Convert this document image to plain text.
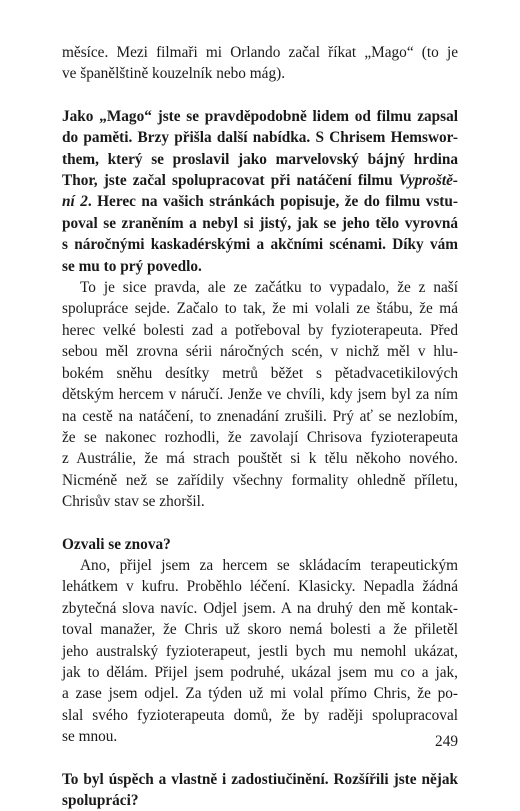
měsíce. Mezi filmaři mi Orlando začal říkat „Mago“ (to je
ve španělštině kouzelník nebo mág).

Jako „Mago“ jste se pravděpodobně lidem od filmu zapsal
do paměti. Brzy přišla další nabídka. S Chrisem Hemswor-
them, který se proslavil jako marvelovský bájný hrdina
Thor, jste začal spolupracovat při natáčení filmu Vyproště-
ní 2. Herec na vašich stránkách popisuje, že do filmu vstu-
poval se zraněním a nebyl si jistý, jak se jeho tělo vyrovná
s náročnými kaskadérskými a akčními scénami. Díky vám
se mu to prý povedlo.

To je sice pravda, ale ze začátku to vypadalo, že z naší
spolupráce sejde. Začalo to tak, že mi volali ze štábu, že má
herec velké bolesti zad a potřeboval by fyzioterapeuta. Před
sebou měl zrovna sérii náročných scén, v nichž měl v hlu-
bokém sněhu desítky metrů běžet s pětadvacetikilových
dětským hercem v náručí. Jenže ve chvíli, kdy jsem byl za ním
na cestě na natáčení, to znenadání zrušili. Prý ať se nezlobím,
že se nakonec rozhodli, že zavolají Chrisova fyzioterapeuta
z Austrálie, že má strach pouštět si k tělu někoho nového.
Nicméně než se zařídily všechny formality ohledně příletu,
Chrisův stav se zhoršil.

Ozvali se znova?

Ano, přijel jsem za hercem se skládacím terapeutickým
lehátkem v kufru. Proběhlo léčení. Klasicky. Nepadla žádná
zbytečná slova navíc. Odjel jsem. A na druhý den mě kontak-
toval manažer, že Chris už skoro nemá bolesti a že přiletěl
jeho australský fyzioterapeut, jestli bych mu nemohl ukázat,
jak to dělám. Přijel jsem podruhé, ukázal jsem mu co a jak,
a zase jsem odjel. Za týden už mi volal přímo Chris, že po-
slal svého fyzioterapeuta domů, že by raději spolupracoval
se mnou.

To byl úspěch a vlastně i zadostiučinění. Rozšířili jste nějak
spolupráci?

249
